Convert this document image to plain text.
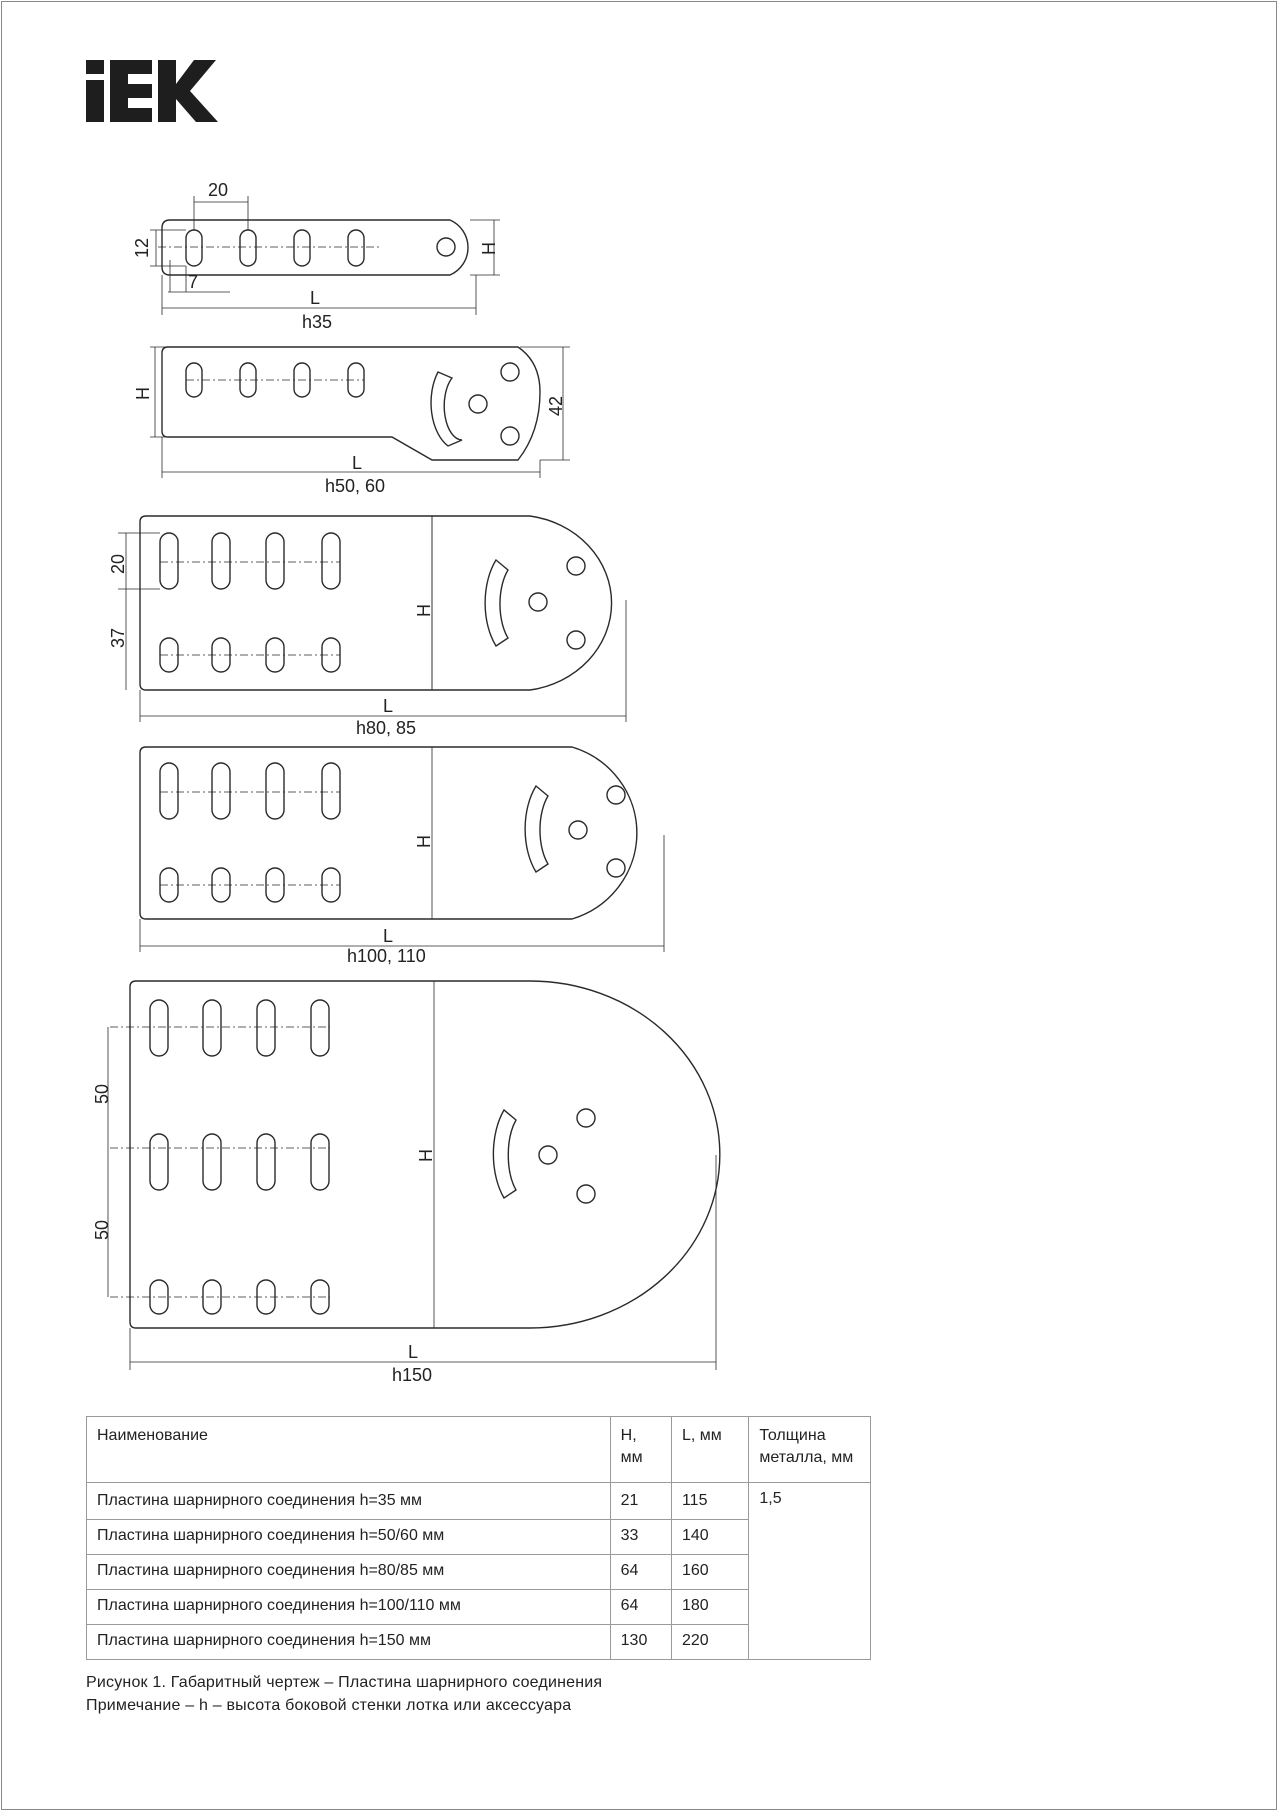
20
12
7
H
L
h35
H
42
L
h50, 60
20
37
H
L
h80, 85
H
L
h100, 110
50
50
H
L
h150
Наименование	H, мм	L, мм	Толщина металла, мм
Пластина шарнирного соединения h=35 мм	21	115	1,5
Пластина шарнирного соединения h=50/60 мм	33	140	
Пластина шарнирного соединения h=80/85 мм	64	160	
Пластина шарнирного соединения h=100/110 мм	64	180	
Пластина шарнирного соединения h=150 мм	130	220	
Рисунок 1. Габаритный чертеж – Пластина шарнирного соединения
Примечание – h – высота боковой стенки лотка или аксессуара
